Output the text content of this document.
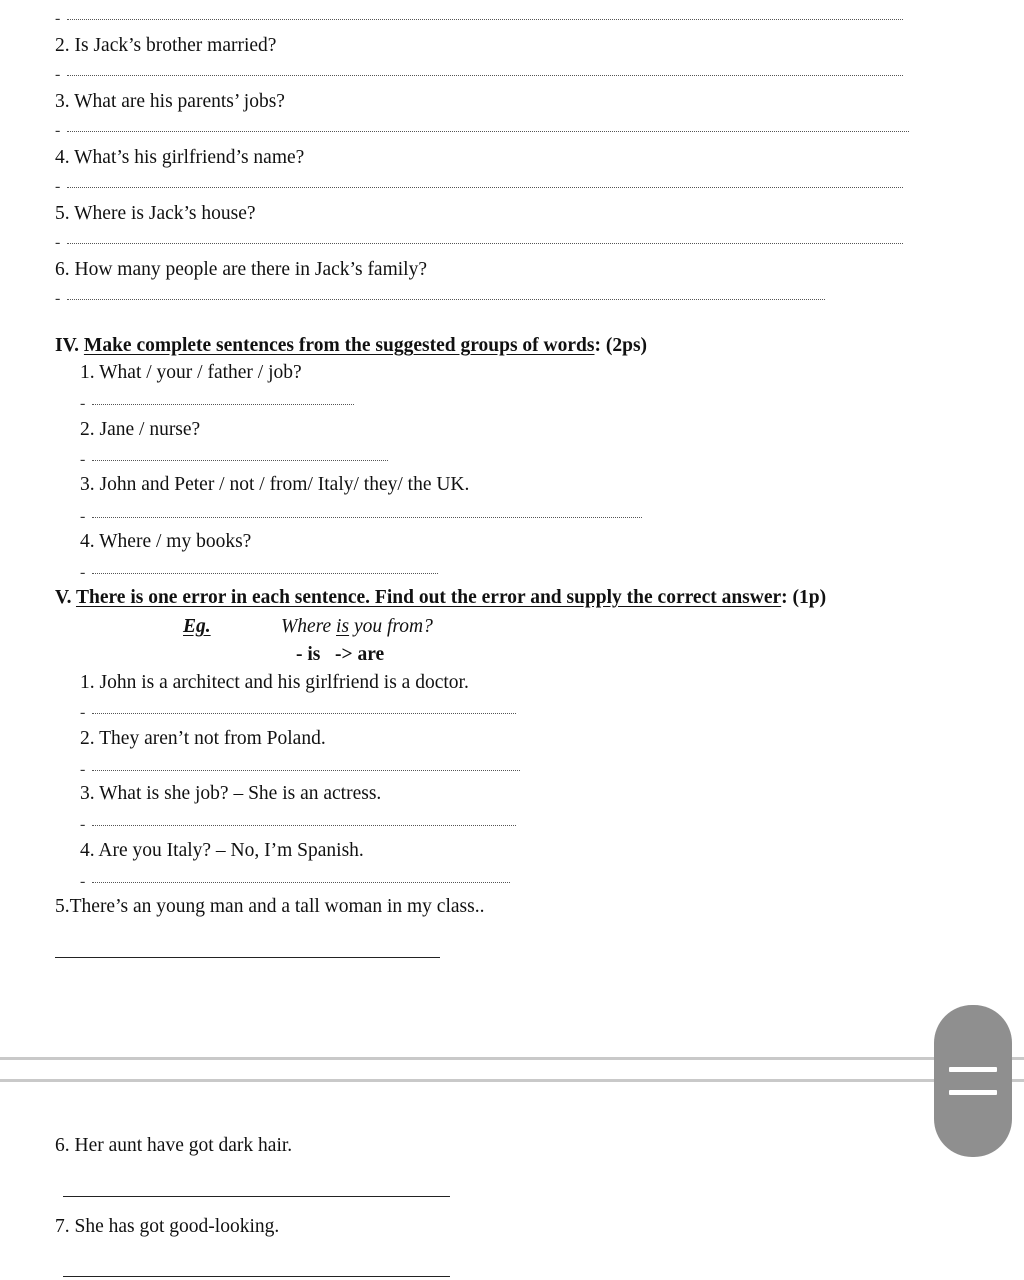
-
2. Is Jack’s brother married?
-
3. What are his parents’ jobs?
-
4. What’s his girlfriend’s name?
-
5. Where is Jack’s house?
-
6. How many people are there in Jack’s family?
-
IV. Make complete sentences from the suggested groups of words: (2ps)
1. What / your / father / job?
-
2. Jane / nurse?
-
3. John and Peter / not / from/ Italy/ they/ the UK.
-
4. Where / my books?
-
V. There is one error in each sentence. Find out the error and supply the correct answer: (1p)
Eg.	Where is you from?
- is   -> are
1. John is a architect and his girlfriend is a doctor.
-
2. They aren’t not from Poland.
-
3. What is she job? – She is an actress.
-
4. Are you Italy? – No, I’m Spanish.
-
5.There’s an young man and a tall woman in my class..
6. Her aunt have got dark hair.
7. She has got good-looking.
